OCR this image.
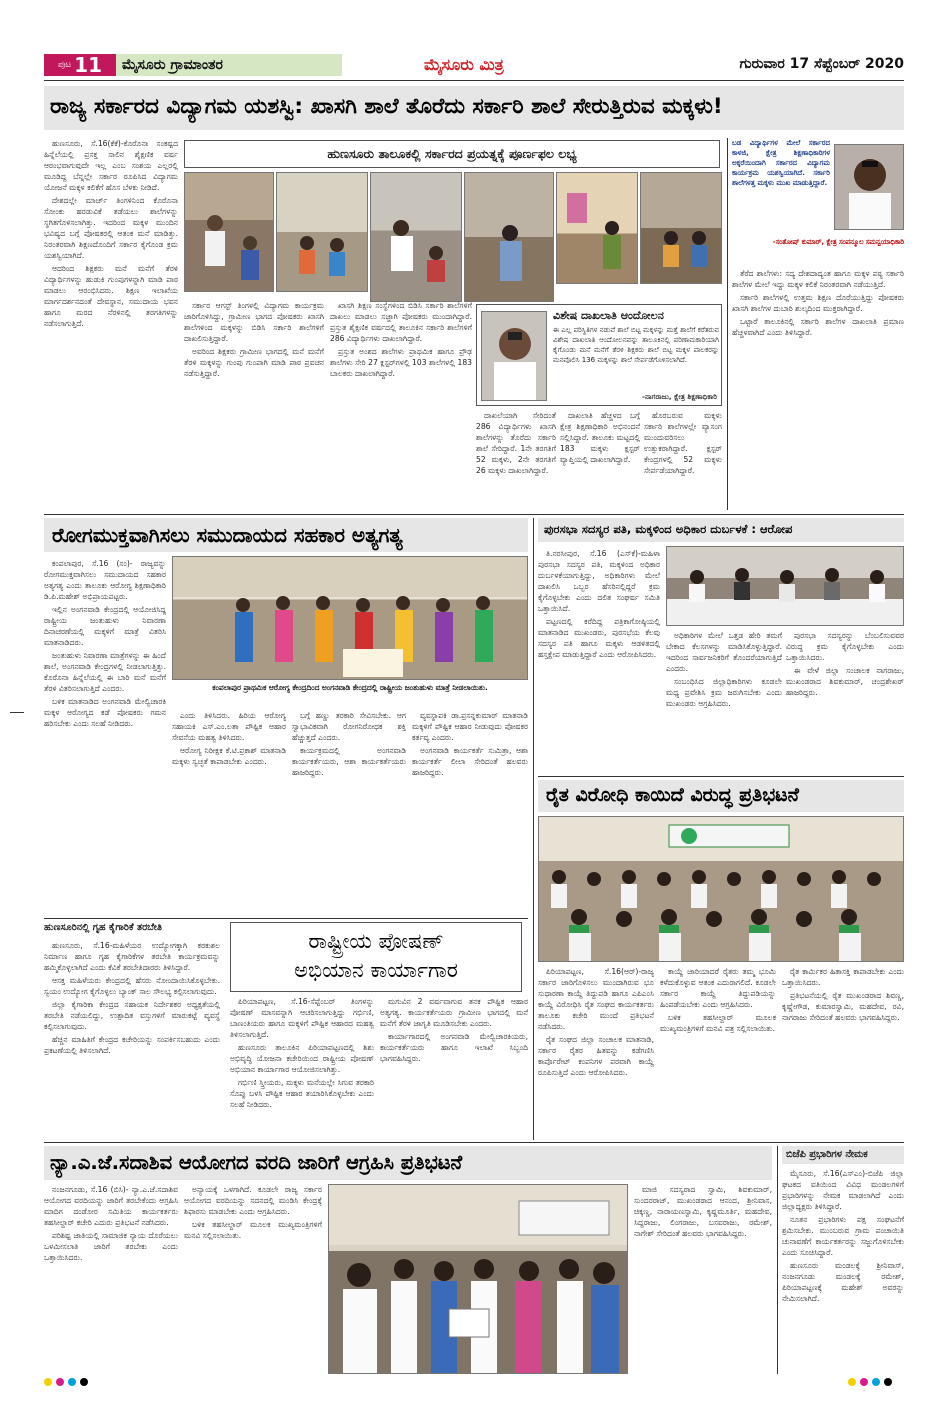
ಪುಟ 11 ಮೈಸೂರು ಗ್ರಾಮಾಂತರ	ಮೈಸೂರು ಮಿತ್ರ	ಗುರುವಾರ 17 ಸೆಪ್ಟೆಂಬರ್ 2020
ರಾಜ್ಯ ಸರ್ಕಾರದ ವಿದ್ಯಾಗಮ ಯಶಸ್ವಿ: ಖಾಸಗಿ ಶಾಲೆ ತೊರೆದು ಸರ್ಕಾರಿ ಶಾಲೆ ಸೇರುತ್ತಿರುವ ಮಕ್ಕಳು!

ಹುಣಸೂರು, ಸೆ.16(ಕೆಕೆ)-ಕೊರೊನಾ ಸಂಕಷ್ಟದ ಹಿನ್ನೆಲೆಯಲ್ಲಿ ಪ್ರಸಕ್ತ ಸಾಲಿನ ಶೈಕ್ಷಣಿಕ ವರ್ಷ ಆರಂಭವಾಗುವುದೇ ಇಲ್ಲ ಎಂಬ ಸಂಶಯ ಎಲ್ಲರಲ್ಲಿ ಮೂಡಿದ್ದ ಬೆನ್ನಲ್ಲೇ ಸರ್ಕಾರ ರೂಪಿಸಿದ ವಿದ್ಯಾಗಮ ಯೋಜನೆ ಮಕ್ಕಳ ಕಲಿಕೆಗೆ ಹೊಸ ಬೆಳಕು ನೀಡಿದೆ.

ದೇಶದಲ್ಲೇ ಮಾರ್ಚ್ ತಿಂಗಳಿನಿಂದ ಕೊರೊನಾ ಸೋಂಕು ಹರಡುವಿಕೆ ತಡೆಯಲು ಶಾಲೆಗಳನ್ನು ಸ್ಥಗಿತಗೊಳಿಸಲಾಗಿತ್ತು. ಇದರಿಂದ ಮಕ್ಕಳ ಮುಂದಿನ ಭವಿಷ್ಯದ ಬಗ್ಗೆ ಪೋಷಕರಲ್ಲಿ ಆತಂಕ ಮನೆ ಮಾಡಿತ್ತು. ನಿರಂತರವಾಗಿ ಶಿಕ್ಷಣದೊಂದಿಗೆ ಸರ್ಕಾರ ಕೈಗೊಂಡ ಕ್ರಮ ಯಶಸ್ವಿಯಾಗಿದೆ.

ಆದರಿಂದ ಶಿಕ್ಷಕರು ಮನೆ ಮನೆಗೆ ತೆರಳಿ ವಿದ್ಯಾರ್ಥಿಗಳನ್ನು ಹುಡುಕಿ ಗುಂಪುಗಳನ್ನಾಗಿ ಮಾಡಿ ಪಾಠ ಮಾಡಲು ಆರಂಭಿಸಿದರು. ಶಿಕ್ಷಣ ಇಲಾಖೆಯ ಮಾರ್ಗದರ್ಶನದಂತೆ ದೇವಸ್ಥಾನ, ಸಮುದಾಯ ಭವನ ಹಾಗೂ ಮರದ ನೆರಳಿನಲ್ಲಿ ತರಗತಿಗಳನ್ನು ನಡೆಸಲಾಗುತ್ತಿದೆ.

ಹುಣಸೂರು ತಾಲೂಕಲ್ಲಿ ಸರ್ಕಾರದ ಪ್ರಯತ್ನಕ್ಕೆ ಪೂರ್ಣಫಲ ಲಭ್ಯ

ಸರ್ಕಾರ ಆಗಸ್ಟ್ ತಿಂಗಳಲ್ಲಿ ವಿದ್ಯಾಗಮ ಕಾರ್ಯಕ್ರಮ ಜಾರಿಗೊಳಿಸಿದ್ದು, ಗ್ರಾಮೀಣ ಭಾಗದ ಪೋಷಕರು ಖಾಸಗಿ ಶಾಲೆಗಳಿಂದ ಮಕ್ಕಳನ್ನು ಬಿಡಿಸಿ ಸರ್ಕಾರಿ ಶಾಲೆಗಳಿಗೆ ದಾಖಲಿಸುತ್ತಿದ್ದಾರೆ.

ಅವರಿಂದ ಶಿಕ್ಷಕರು ಗ್ರಾಮೀಣ ಭಾಗದಲ್ಲಿ ಮನೆ ಮನೆಗೆ ತೆರಳಿ ಮಕ್ಕಳನ್ನು ಗುಂಪು ಗುಂಪಾಗಿ ಮಾಡಿ ಪಾಠ ಪ್ರವಚನ ನಡೆಸುತ್ತಿದ್ದಾರೆ.

ಖಾಸಗಿ ಶಿಕ್ಷಣ ಸಂಸ್ಥೆಗಳಿಂದ ಬಿಡಿಸಿ ಸರ್ಕಾರಿ ಶಾಲೆಗಳಿಗೆ ದಾಖಲು ಮಾಡಲು ಸಜ್ಜಾಗಿ ಪೋಷಕರು ಮುಂದಾಗಿದ್ದಾರೆ. ಪ್ರಸ್ತುತ ಶೈಕ್ಷಣಿಕ ವರ್ಷದಲ್ಲಿ ತಾಲೂಕಿನ ಸರ್ಕಾರಿ ಶಾಲೆಗಳಿಗೆ 286 ವಿದ್ಯಾರ್ಥಿಗಳು ದಾಖಲಾಗಿದ್ದಾರೆ.

ಪ್ರಸ್ತುತ ಅಂಶದ ಶಾಲೆಗಳು ಪ್ರಾಥಮಿಕ ಹಾಗೂ ಪ್ರೌಢ ಶಾಲೆಗಳು ಸೇರಿ 27 ಕ್ಲಸ್ಟರ್‌ಗಳಲ್ಲಿ 103 ಶಾಲೆಗಳಲ್ಲಿ 183 ಬಾಲಕರು ದಾಖಲಾಗಿದ್ದಾರೆ.

ವಿಶೇಷ ದಾಖಲಾತಿ ಆಂದೋಲನ
ಈ ಎಲ್ಲ ಪರಿಸ್ಥಿತಿಗಳ ನಡುವೆ ಶಾಲೆ ಬಿಟ್ಟ ಮಕ್ಕಳನ್ನು ಮತ್ತೆ ಶಾಲೆಗೆ ಕರೆತರುವ ವಿಶೇಷ ದಾಖಲಾತಿ ಆಂದೋಲನವನ್ನು ತಾಲೂಕಿನಲ್ಲಿ ಪರಿಣಾಮಕಾರಿಯಾಗಿ ಕೈಗೊಂಡು ಮನೆ ಮನೆಗೆ ತೆರಳಿ ಶಿಕ್ಷಕರು ಶಾಲೆ ಬಿಟ್ಟ ಮಕ್ಕಳ ಪಾಲಕರನ್ನು ಮನವೊಲಿಸಿ 136 ಮಕ್ಕಳನ್ನು ಶಾಲೆ ಸೇರ್ಪಡೆಗೊಳಿಸಲಾಗಿದೆ.
-ನಾಗರಾಜು, ಕ್ಷೇತ್ರ ಶಿಕ್ಷಣಾಧಿಕಾರಿ

ದಾಖಲೆಯಾಗಿ ಸೇರಿದಂತೆ 286 ವಿದ್ಯಾರ್ಥಿಗಳು ಖಾಸಗಿ ಶಾಲೆಗಳನ್ನು ತೊರೆದು ಸರ್ಕಾರಿ ಶಾಲೆ ಸೇರಿದ್ದಾರೆ. 1ನೇ ತರಗತಿಗೆ 52 ಮಕ್ಕಳು, 2ನೇ ತರಗತಿಗೆ 26 ಮಕ್ಕಳು ದಾಖಲಾಗಿದ್ದಾರೆ.

ದಾಖಲಾತಿ ಹೆಚ್ಚಳದ ಬಗ್ಗೆ ಕ್ಷೇತ್ರ ಶಿಕ್ಷಣಾಧಿಕಾರಿ ಅಭಿನಂದನೆ ಸಲ್ಲಿಸಿದ್ದಾರೆ. ತಾಲೂಕು ಮಟ್ಟದಲ್ಲಿ 183 ಮಕ್ಕಳು ಕ್ಲಸ್ಟರ್ ವ್ಯಾಪ್ತಿಯಲ್ಲಿ ದಾಖಲಾಗಿದ್ದಾರೆ.

ಹೊರಬರುವ ಮಕ್ಕಳು ಸರ್ಕಾರಿ ಶಾಲೆಗಳಲ್ಲೇ ವ್ಯಾಸಂಗ ಮುಂದುವರಿಸಲು ಉತ್ಸುಕರಾಗಿದ್ದಾರೆ. ಕ್ಲಸ್ಟರ್ ಕೇಂದ್ರಗಳಲ್ಲಿ 52 ಮಕ್ಕಳು ಸೇರ್ಪಡೆಯಾಗಿದ್ದಾರೆ.

ಬಡ ವಿದ್ಯಾರ್ಥಿಗಳ ಮೇಲೆ ಸರ್ಕಾರದ ಕಾಳಜಿ, ಕ್ಷೇತ್ರ ಶಿಕ್ಷಣಾಧಿಕಾರಿಗಳ ಅಕ್ಕರೆಯಿಂದಾಗಿ ಸರ್ಕಾರದ ವಿದ್ಯಾಗಮ ಕಾರ್ಯಕ್ರಮ ಯಶಸ್ವಿಯಾಗಿದೆ. ಸರ್ಕಾರಿ ಶಾಲೆಗಳತ್ತ ಮಕ್ಕಳು ಮುಖ ಮಾಡುತ್ತಿದ್ದಾರೆ.
-ಸಂತೋಷ್ ಕುಮಾರ್, ಕ್ಷೇತ್ರ ಸಂಪನ್ಮೂಲ ಸಮನ್ವಯಾಧಿಕಾರಿ

ತೆರೆದ ಶಾಲೆಗಳು: ಸದ್ಯ ದೇಶದಾದ್ಯಂತ ಹಾಗೂ ಮಕ್ಕಳ ಪಠ್ಯ ಸರ್ಕಾರಿ ಶಾಲೆಗಳ ಮೇಲೆ ಇದ್ದು ಮಕ್ಕಳ ಕಲಿಕೆ ನಿರಂತರವಾಗಿ ನಡೆಯುತ್ತಿದೆ.

ಸರ್ಕಾರಿ ಶಾಲೆಗಳಲ್ಲಿ ಉತ್ತಮ ಶಿಕ್ಷಣ ದೊರೆಯುತ್ತಿದ್ದು ಪೋಷಕರು ಖಾಸಗಿ ಶಾಲೆಗಳ ದುಬಾರಿ ಶುಲ್ಕದಿಂದ ಮುಕ್ತರಾಗಿದ್ದಾರೆ.

ಒಟ್ಟಾರೆ ತಾಲೂಕಿನಲ್ಲಿ ಸರ್ಕಾರಿ ಶಾಲೆಗಳ ದಾಖಲಾತಿ ಪ್ರಮಾಣ ಹೆಚ್ಚಳವಾಗಿದೆ ಎಂದು ತಿಳಿಸಿದ್ದಾರೆ.

ರೋಗಮುಕ್ತವಾಗಿಸಲು ಸಮುದಾಯದ ಸಹಕಾರ ಅತ್ಯಗತ್ಯ

ಕಂಪಲಾಪುರ, ಸೆ.16 (ಸಂ)- ರಾಜ್ಯವನ್ನು ರೋಗಮುಕ್ತವಾಗಿಸಲು ಸಮುದಾಯದ ಸಹಕಾರ ಅತ್ಯಗತ್ಯ ಎಂದು ತಾಲೂಕು ಆರೋಗ್ಯ ಶಿಕ್ಷಣಾಧಿಕಾರಿ ಡಿ.ಪಿ.ಮಹೇಶ್ ಅಭಿಪ್ರಾಯಪಟ್ಟರು.

ಇಲ್ಲಿನ ಅಂಗನವಾಡಿ ಕೇಂದ್ರದಲ್ಲಿ ಆಯೋಜಿಸಿದ್ದ ರಾಷ್ಟ್ರೀಯ ಜಂತುಹುಳು ನಿವಾರಣಾ ದಿನಾಚರಣೆಯಲ್ಲಿ ಮಕ್ಕಳಿಗೆ ಮಾತ್ರೆ ವಿತರಿಸಿ ಮಾತನಾಡಿದರು.

ಜಂತುಹುಳು ನಿವಾರಣಾ ಮಾತ್ರೆಗಳನ್ನು ಈ ಹಿಂದೆ ಶಾಲೆ, ಅಂಗನವಾಡಿ ಕೇಂದ್ರಗಳಲ್ಲಿ ನೀಡಲಾಗುತ್ತಿತ್ತು. ಕೊರೊನಾ ಹಿನ್ನೆಲೆಯಲ್ಲಿ ಈ ಬಾರಿ ಮನೆ ಮನೆಗೆ ತೆರಳಿ ವಿತರಿಸಲಾಗುತ್ತಿದೆ ಎಂದರು.

ಬಳಿಕ ಮಾತನಾಡಿದ ಅಂಗನವಾಡಿ ಮೇಲ್ವಿಚಾರಕಿ ಮಕ್ಕಳ ಆರೋಗ್ಯದ ಕಡೆ ಪೋಷಕರು ಗಮನ ಹರಿಸಬೇಕು ಎಂದು ಸಲಹೆ ನೀಡಿದರು.

ಕಂಪಲಾಪುರ ಪ್ರಾಥಮಿಕ ಆರೋಗ್ಯ ಕೇಂದ್ರದಿಂದ ಅಂಗನವಾಡಿ ಕೇಂದ್ರದಲ್ಲಿ ರಾಷ್ಟ್ರೀಯ ಜಂತುಹುಳು ಮಾತ್ರೆ ನೀಡಲಾಯಿತು.

ಎಂದು ತಿಳಿಸಿದರು. ಹಿರಿಯ ಆರೋಗ್ಯ ಸಹಾಯಕಿ ಎಸ್.ಎಂ.ಲತಾ ಪೌಷ್ಟಿಕ ಆಹಾರ ಸೇವನೆಯ ಮಹತ್ವ ತಿಳಿಸಿದರು.

ಆರೋಗ್ಯ ನಿರೀಕ್ಷಕ ಕೆ.ಟಿ.ಪ್ರಕಾಶ್ ಮಾತನಾಡಿ ಮಕ್ಕಳು ಸ್ವಚ್ಛತೆ ಕಾಪಾಡಬೇಕು ಎಂದರು.

ಬಗ್ಗೆ ಹಣ್ಣು ತರಕಾರಿ ಸೇವಿಸಬೇಕು. ಆಗ ಸ್ವಾಭಾವಿಕವಾಗಿ ರೋಗನಿರೋಧಕ ಶಕ್ತಿ ಹೆಚ್ಚುತ್ತದೆ ಎಂದರು.

ಕಾರ್ಯಕ್ರಮದಲ್ಲಿ ಅಂಗನವಾಡಿ ಕಾರ್ಯಕರ್ತೆಯರು, ಆಶಾ ಕಾರ್ಯಕರ್ತೆಯರು ಹಾಜರಿದ್ದರು.

ವ್ಯವಸ್ಥಾಪಕಿ ಡಾ.ಪ್ರಸನ್ನಕುಮಾರ್ ಮಾತನಾಡಿ ಮಕ್ಕಳಿಗೆ ಪೌಷ್ಟಿಕ ಆಹಾರ ನೀಡುವುದು ಪೋಷಕರ ಕರ್ತವ್ಯ ಎಂದರು.

ಅಂಗನವಾಡಿ ಕಾರ್ಯಕರ್ತೆ ಸುಮಿತ್ರಾ, ಆಶಾ ಕಾರ್ಯಕರ್ತೆ ಲೀಲಾ ಸೇರಿದಂತೆ ಹಲವರು ಹಾಜರಿದ್ದರು.

ಪುರಸಭಾ ಸದಸ್ಯರ ಪತಿ, ಮಕ್ಕಳಿಂದ ಅಧಿಕಾರ ದುರ್ಬಳಕೆ : ಆರೋಪ

ತಿ.ನರಸೀಪುರ, ಸೆ.16 (ಎಸ್‌ಕೆ)-ಮಹಿಳಾ ಪುರಸಭಾ ಸದಸ್ಯರ ಪತಿ, ಮಕ್ಕಳಿಂದ ಅಧಿಕಾರ ದುರ್ಬಳಕೆಯಾಗುತ್ತಿದ್ದು, ಅಧಿಕಾರಿಗಳು ಮೇಲೆ ದಾಖಲಿಸಿ ಒಬ್ಬರ ಹೆಸರಿನಲ್ಲಿದ್ದರೆ ಕ್ರಮ ಕೈಗೊಳ್ಳಬೇಕು ಎಂದು ದಲಿತ ಸಂಘರ್ಷ ಸಮಿತಿ ಒತ್ತಾಯಿಸಿದೆ.

ಪಟ್ಟಣದಲ್ಲಿ ಕರೆದಿದ್ದ ಪತ್ರಿಕಾಗೋಷ್ಠಿಯಲ್ಲಿ ಮಾತನಾಡಿದ ಮುಖಂಡರು, ಪುರಸಭೆಯ ಕೆಲವು ಸದಸ್ಯರ ಪತಿ ಹಾಗೂ ಮಕ್ಕಳು ಆಡಳಿತದಲ್ಲಿ ಹಸ್ತಕ್ಷೇಪ ಮಾಡುತ್ತಿದ್ದಾರೆ ಎಂದು ಆರೋಪಿಸಿದರು.

ಅಧಿಕಾರಿಗಳ ಮೇಲೆ ಒತ್ತಡ ಹೇರಿ ತಮಗೆ ಬೇಕಾದ ಕೆಲಸಗಳನ್ನು ಮಾಡಿಸಿಕೊಳ್ಳುತ್ತಿದ್ದಾರೆ. ಇದರಿಂದ ಸಾರ್ವಜನಿಕರಿಗೆ ತೊಂದರೆಯಾಗುತ್ತಿದೆ ಎಂದರು.

ಸಂಬಂಧಿಸಿದ ಜಿಲ್ಲಾಧಿಕಾರಿಗಳು ಕೂಡಲೇ ಮಧ್ಯ ಪ್ರವೇಶಿಸಿ ಕ್ರಮ ಜರುಗಿಸಬೇಕು ಎಂದು ಮುಖಂಡರು ಆಗ್ರಹಿಸಿದರು.

ಪುರಸಭಾ ಸದಸ್ಯರನ್ನು ಬೆಂಬಲಿಸುವವರ ವಿರುದ್ಧ ಕ್ರಮ ಕೈಗೊಳ್ಳಬೇಕು ಎಂದು ಒತ್ತಾಯಿಸಿದರು.

ಈ ವೇಳೆ ಜಿಲ್ಲಾ ಸಂಚಾಲಕ ನಾಗರಾಜು, ಮುಖಂಡರಾದ ಶಿವಕುಮಾರ್, ಚಂದ್ರಶೇಖರ್ ಹಾಜರಿದ್ದರು.

ರೈತ ವಿರೋಧಿ ಕಾಯಿದೆ ವಿರುದ್ಧ ಪ್ರತಿಭಟನೆ

ಪಿರಿಯಾಪಟ್ಟಣ, ಸೆ.16(ಆರ್)-ರಾಜ್ಯ ಸರ್ಕಾರ ಜಾರಿಗೊಳಿಸಲು ಮುಂದಾಗಿರುವ ಭೂ ಸುಧಾರಣಾ ಕಾಯ್ದೆ ತಿದ್ದುಪಡಿ ಹಾಗೂ ಎಪಿಎಂಸಿ ಕಾಯ್ದೆ ವಿರೋಧಿಸಿ ರೈತ ಸಂಘದ ಕಾರ್ಯಕರ್ತರು ತಾಲೂಕು ಕಚೇರಿ ಮುಂದೆ ಪ್ರತಿಭಟನೆ ನಡೆಸಿದರು.

ರೈತ ಸಂಘದ ಜಿಲ್ಲಾ ಸಂಚಾಲಕ ಮಾತನಾಡಿ, ಸರ್ಕಾರ ರೈತರ ಹಿತವನ್ನು ಕಡೆಗಣಿಸಿ ಕಾರ್ಪೊರೇಟ್ ಕಂಪನಿಗಳ ಪರವಾಗಿ ಕಾಯ್ದೆ ರೂಪಿಸುತ್ತಿದೆ ಎಂದು ಆರೋಪಿಸಿದರು.

ಕಾಯ್ದೆ ಜಾರಿಯಾದರೆ ರೈತರು ತಮ್ಮ ಭೂಮಿ ಕಳೆದುಕೊಳ್ಳುವ ಆತಂಕ ಎದುರಾಗಲಿದೆ. ಕೂಡಲೇ ಸರ್ಕಾರ ಕಾಯ್ದೆ ತಿದ್ದುಪಡಿಯನ್ನು ಹಿಂಪಡೆಯಬೇಕು ಎಂದು ಆಗ್ರಹಿಸಿದರು.

ಬಳಿಕ ತಹಸೀಲ್ದಾರ್ ಮೂಲಕ ಮುಖ್ಯಮಂತ್ರಿಗಳಿಗೆ ಮನವಿ ಪತ್ರ ಸಲ್ಲಿಸಲಾಯಿತು.

ರೈತ ಕಾರ್ಮಿಕರ ಹಿತಾಸಕ್ತಿ ಕಾಪಾಡಬೇಕು ಎಂದು ಒತ್ತಾಯಿಸಿದರು.

ಪ್ರತಿಭಟನೆಯಲ್ಲಿ ರೈತ ಮುಖಂಡರಾದ ಶಿವಣ್ಣ, ಕೃಷ್ಣೇಗೌಡ, ಕುಮಾರಸ್ವಾಮಿ, ಮಹದೇವ, ರವಿ, ನಾಗರಾಜು ಸೇರಿದಂತೆ ಹಲವರು ಭಾಗವಹಿಸಿದ್ದರು.

ಹುಣಸೂರಿನಲ್ಲಿ ಗೃಹ ಕೈಗಾರಿಕೆ ತರಬೇತಿ

ಹುಣಸೂರು, ಸೆ.16-ಮಹಿಳೆಯರ ಉದ್ಯೋಗಕ್ಕಾಗಿ ಕರಕುಶಲ ನಿರ್ಮಾಣ ಹಾಗೂ ಗೃಹ ಕೈಗಾರಿಕೆಗಳ ತರಬೇತಿ ಕಾರ್ಯಕ್ರಮವನ್ನು ಹಮ್ಮಿಕೊಳ್ಳಲಾಗಿದೆ ಎಂದು ಕೆವಿಕೆ ತರಬೇತಿದಾರರು ತಿಳಿಸಿದ್ದಾರೆ.

ಆಸಕ್ತ ಮಹಿಳೆಯರು ಕೇಂದ್ರದಲ್ಲಿ ಹೆಸರು ನೋಂದಾಯಿಸಿಕೊಳ್ಳಬೇಕು. ಸ್ವಯಂ ಉದ್ಯೋಗ ಕೈಗೊಳ್ಳಲು ಬ್ಯಾಂಕ್ ಸಾಲ ಸೌಲಭ್ಯ ಕಲ್ಪಿಸಲಾಗುವುದು.

ಜಿಲ್ಲಾ ಕೈಗಾರಿಕಾ ಕೇಂದ್ರದ ಸಹಾಯಕ ನಿರ್ದೇಶಕರ ಅಧ್ಯಕ್ಷತೆಯಲ್ಲಿ ತರಬೇತಿ ನಡೆಯಲಿದ್ದು, ಉತ್ಪಾದಿತ ವಸ್ತುಗಳಿಗೆ ಮಾರುಕಟ್ಟೆ ವ್ಯವಸ್ಥೆ ಕಲ್ಪಿಸಲಾಗುವುದು.

ಹೆಚ್ಚಿನ ಮಾಹಿತಿಗೆ ಕೇಂದ್ರದ ಕಚೇರಿಯನ್ನು ಸಂಪರ್ಕಿಸಬಹುದು ಎಂದು ಪ್ರಕಟಣೆಯಲ್ಲಿ ತಿಳಿಸಲಾಗಿದೆ.

ರಾಷ್ಟ್ರೀಯ ಪೋಷಣ್
ಅಭಿಯಾನ ಕಾರ್ಯಾಗಾರ

ಪಿರಿಯಾಪಟ್ಟಣ, ಸೆ.16-ಸೆಪ್ಟೆಂಬರ್ ತಿಂಗಳನ್ನು ಪೋಷಣ್ ಮಾಸವನ್ನಾಗಿ ಆಚರಿಸಲಾಗುತ್ತಿದ್ದು ಗರ್ಭಿಣಿ, ಬಾಣಂತಿಯರು ಹಾಗೂ ಮಕ್ಕಳಿಗೆ ಪೌಷ್ಟಿಕ ಆಹಾರದ ಮಹತ್ವ ತಿಳಿಸಲಾಗುತ್ತಿದೆ.

ಹುಣಸೂರು ತಾಲೂಕಿನ ಪಿರಿಯಾಪಟ್ಟಣದಲ್ಲಿ ಶಿಶು ಅಭಿವೃದ್ಧಿ ಯೋಜನಾ ಕಚೇರಿಯಿಂದ ರಾಷ್ಟ್ರೀಯ ಪೋಷಣ್ ಅಭಿಯಾನ ಕಾರ್ಯಾಗಾರ ಆಯೋಜಿಸಲಾಗಿತ್ತು.

ಗರ್ಭಿಣಿ ಸ್ತ್ರೀಯರು, ಮಕ್ಕಳು ಮನೆಯಲ್ಲೇ ಸಿಗುವ ತರಕಾರಿ ಸೊಪ್ಪು ಬಳಸಿ ಪೌಷ್ಟಿಕ ಆಹಾರ ತಯಾರಿಸಿಕೊಳ್ಳಬೇಕು ಎಂದು ಸಲಹೆ ನೀಡಿದರು.

ಮಗುವಿನ 2 ವರ್ಷವಾಗುವ ತನಕ ಪೌಷ್ಟಿಕ ಆಹಾರ ಅತ್ಯಗತ್ಯ. ಕಾರ್ಯಕರ್ತೆಯರು ಗ್ರಾಮೀಣ ಭಾಗದಲ್ಲಿ ಮನೆ ಮನೆಗೆ ತೆರಳಿ ಜಾಗೃತಿ ಮೂಡಿಸಬೇಕು ಎಂದರು.

ಕಾರ್ಯಾಗಾರದಲ್ಲಿ ಅಂಗನವಾಡಿ ಮೇಲ್ವಿಚಾರಕಿಯರು, ಕಾರ್ಯಕರ್ತೆಯರು ಹಾಗೂ ಇಲಾಖೆ ಸಿಬ್ಬಂದಿ ಭಾಗವಹಿಸಿದ್ದರು.

ನ್ಯಾ.ಎ.ಜೆ.ಸದಾಶಿವ ಆಯೋಗದ ವರದಿ ಜಾರಿಗೆ ಆಗ್ರಹಿಸಿ ಪ್ರತಿಭಟನೆ

ನಂಜನಗೂಡು, ಸೆ.16 (ಬಿಸಿ)- ನ್ಯಾ.ಎ.ಜೆ.ಸದಾಶಿವ ಆಯೋಗದ ವರದಿಯನ್ನು ಜಾರಿಗೆ ತರಬೇಕೆಂದು ಆಗ್ರಹಿಸಿ ಮಾದಿಗ ದಂಡೋರ ಸಮಿತಿಯ ಕಾರ್ಯಕರ್ತರು ತಹಸೀಲ್ದಾರ್ ಕಚೇರಿ ಎದುರು ಪ್ರತಿಭಟನೆ ನಡೆಸಿದರು.

ಪರಿಶಿಷ್ಟ ಜಾತಿಯಲ್ಲಿ ಸಾಮಾಜಿಕ ನ್ಯಾಯ ದೊರೆಯಲು ಒಳಮೀಸಲಾತಿ ಜಾರಿಗೆ ತರಬೇಕು ಎಂದು ಒತ್ತಾಯಿಸಿದರು.

ಅನ್ಯಾಯಕ್ಕೆ ಒಳಗಾಗಿದೆ. ಕೂಡಲೇ ರಾಜ್ಯ ಸರ್ಕಾರ ಆಯೋಗದ ವರದಿಯನ್ನು ಸದನದಲ್ಲಿ ಮಂಡಿಸಿ ಕೇಂದ್ರಕ್ಕೆ ಶಿಫಾರಸು ಮಾಡಬೇಕು ಎಂದು ಆಗ್ರಹಿಸಿದರು.

ಬಳಿಕ ತಹಸೀಲ್ದಾರ್ ಮೂಲಕ ಮುಖ್ಯಮಂತ್ರಿಗಳಿಗೆ ಮನವಿ ಸಲ್ಲಿಸಲಾಯಿತು.

ಮಾಜಿ ಸದಸ್ಯರಾದ ಸ್ವಾಮಿ, ಶಿವಕುಮಾರ್, ಸುಂದರರಾಜ್, ಮುಖಂಡರಾದ ಆನಂದ, ಶ್ರೀನಿವಾಸ, ಚಿಕ್ಕಣ್ಣ, ನಾರಾಯಣಸ್ವಾಮಿ, ಕೃಷ್ಣಮೂರ್ತಿ, ಮಹದೇವ, ಸಿದ್ದರಾಜು, ಲಿಂಗರಾಜು, ಬಸವರಾಜು, ರಮೇಶ್, ನಾಗೇಶ್ ಸೇರಿದಂತೆ ಹಲವರು ಭಾಗವಹಿಸಿದ್ದರು.

ಬಿಜೆಪಿ ಪ್ರಭಾರಿಗಳ ನೇಮಕ

ಮೈಸೂರು, ಸೆ.16(ಎಸ್‌ಎಂ)-ಬಿಜೆಪಿ ಜಿಲ್ಲಾ ಘಟಕದ ವತಿಯಿಂದ ವಿವಿಧ ಮಂಡಲಗಳಿಗೆ ಪ್ರಭಾರಿಗಳನ್ನು ನೇಮಕ ಮಾಡಲಾಗಿದೆ ಎಂದು ಜಿಲ್ಲಾಧ್ಯಕ್ಷರು ತಿಳಿಸಿದ್ದಾರೆ.

ನೂತನ ಪ್ರಭಾರಿಗಳು ಪಕ್ಷ ಸಂಘಟನೆಗೆ ಶ್ರಮಿಸಬೇಕು. ಮುಂಬರುವ ಗ್ರಾಮ ಪಂಚಾಯಿತಿ ಚುನಾವಣೆಗೆ ಕಾರ್ಯಕರ್ತರನ್ನು ಸಜ್ಜುಗೊಳಿಸಬೇಕು ಎಂದು ಸೂಚಿಸಿದ್ದಾರೆ.

ಹುಣಸೂರು ಮಂಡಲಕ್ಕೆ ಶ್ರೀನಿವಾಸ್, ನಂಜನಗೂಡು ಮಂಡಲಕ್ಕೆ ರಮೇಶ್, ಪಿರಿಯಾಪಟ್ಟಣಕ್ಕೆ ಮಹೇಶ್ ಅವರನ್ನು ನೇಮಿಸಲಾಗಿದೆ.
